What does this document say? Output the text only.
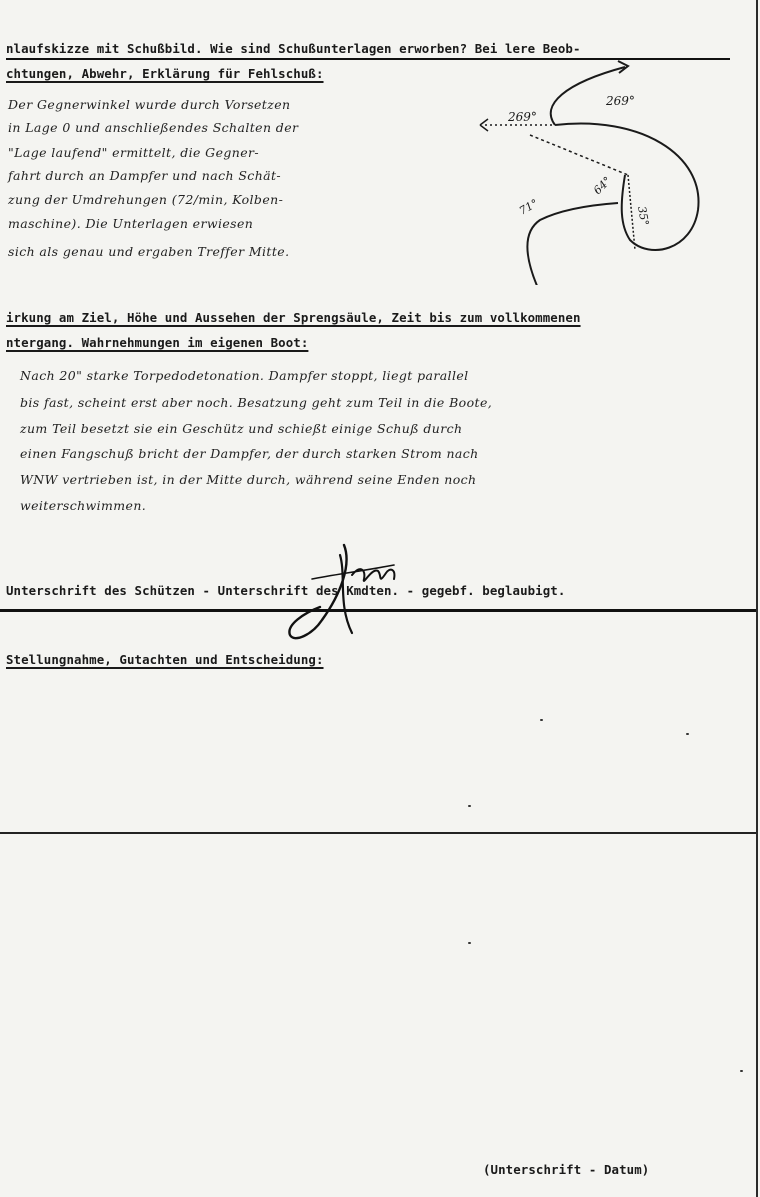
nlaufskizze mit Schußbild. Wie sind Schußunterlagen erworben? Bei lere Beob-
chtungen, Abwehr, Erklärung für Fehlschuß:
Der Gegnerwinkel wurde durch Vorsetzen
in Lage 0 und anschließendes Schalten der
"Lage laufend" ermittelt, die Gegner-
fahrt durch an Dampfer und nach Schät-
zung der Umdrehungen (72/min, Kolben-
maschine). Die Unterlagen erwiesen
sich als genau und ergaben Treffer Mitte.
269°
269°
71°
64°
35°
irkung am Ziel, Höhe und Aussehen der Sprengsäule, Zeit bis zum vollkommenen
ntergang. Wahrnehmungen im eigenen Boot:
Nach 20" starke Torpedodetonation. Dampfer stoppt, liegt parallel
bis fast, scheint erst aber noch. Besatzung geht zum Teil in die Boote,
zum Teil besetzt sie ein Geschütz und schießt einige Schuß durch
einen Fangschuß bricht der Dampfer, der durch starken Strom nach
WNW vertrieben ist, in der Mitte durch, während seine Enden noch
weiterschwimmen.
Unterschrift des Schützen - Unterschrift des Kmdten. - gegebf. beglaubigt.
Stellungnahme, Gutachten und Entscheidung:
(Unterschrift - Datum)
